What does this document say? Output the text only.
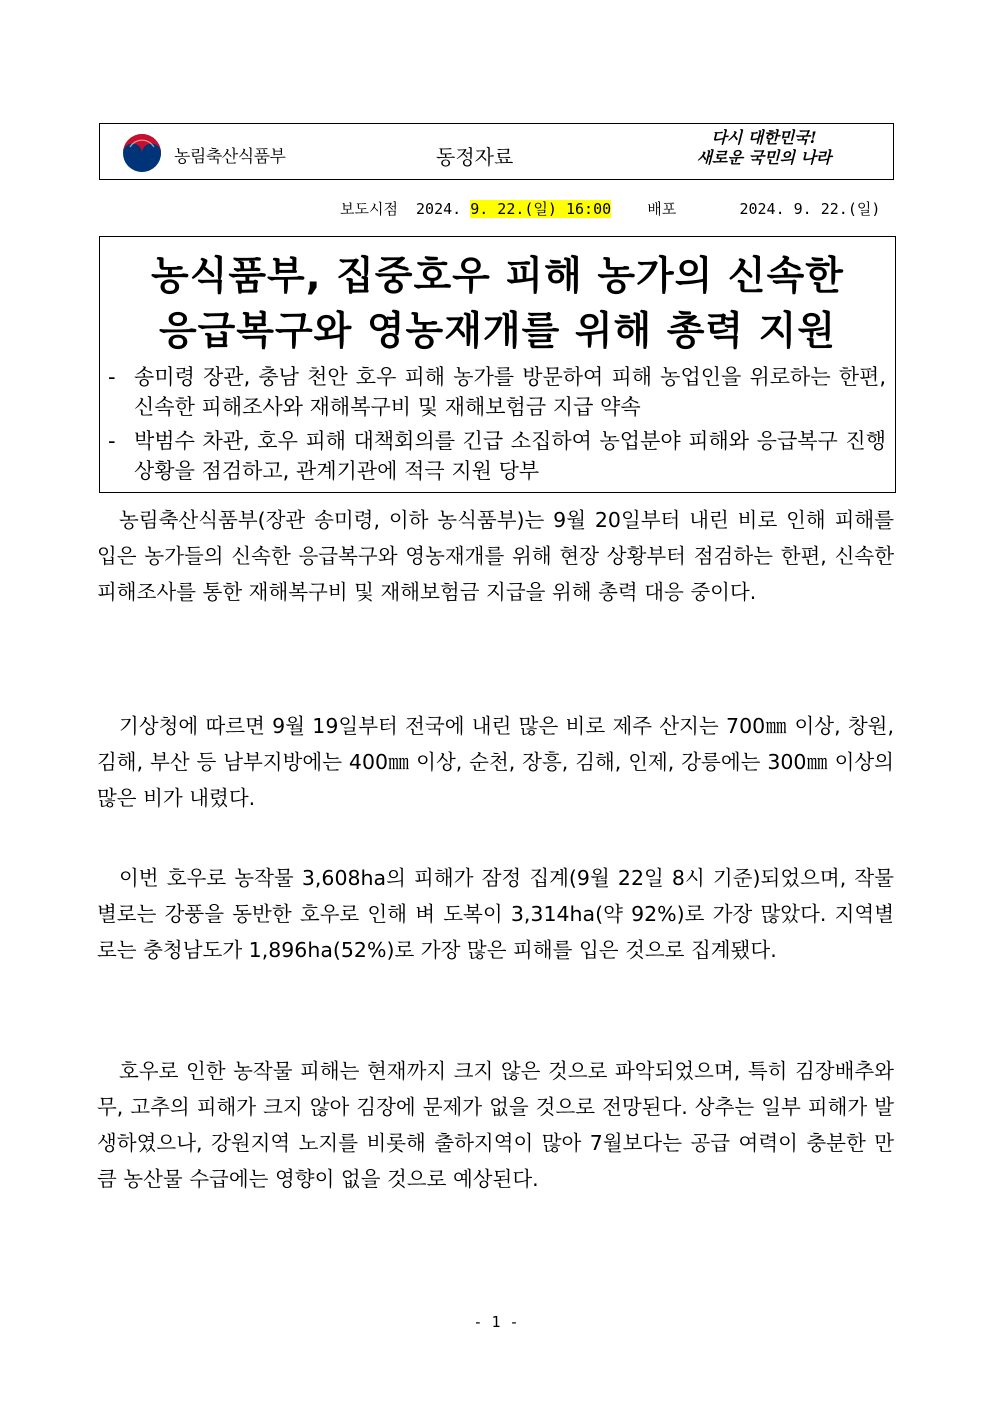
농림축산식품부	동정자료
다시 대한민국!
새로운 국민의 나라
보도시점 2024. 9. 22.(일) 16:00 배포	2024. 9. 22.(일)
농식품부, 집중호우 피해 농가의 신속한
응급복구와 영농재개를 위해 총력 지원
- 송미령 장관, 충남 천안 호우 피해 농가를 방문하여 피해 농업인을 위로하는 한편, 신속한 피해조사와 재해복구비 및 재해보험금 지급 약속
- 박범수 차관, 호우 피해 대책회의를 긴급 소집하여 농업분야 피해와 응급복구 진행 상황을 점검하고, 관계기관에 적극 지원 당부

농림축산식품부(장관 송미령, 이하 농식품부)는 9월 20일부터 내린 비로 인해 피해를 입은 농가들의 신속한 응급복구와 영농재개를 위해 현장 상황부터 점검하는 한편, 신속한 피해조사를 통한 재해복구비 및 재해보험금 지급을 위해 총력 대응 중이다.

기상청에 따르면 9월 19일부터 전국에 내린 많은 비로 제주 산지는 700㎜ 이상, 창원, 김해, 부산 등 남부지방에는 400㎜ 이상, 순천, 장흥, 김해, 인제, 강릉에는 300㎜ 이상의 많은 비가 내렸다.

이번 호우로 농작물 3,608ha의 피해가 잠정 집계(9월 22일 8시 기준)되었으며, 작물별로는 강풍을 동반한 호우로 인해 벼 도복이 3,314ha(약 92%)로 가장 많았다. 지역별로는 충청남도가 1,896ha(52%)로 가장 많은 피해를 입은 것으로 집계됐다.

호우로 인한 농작물 피해는 현재까지 크지 않은 것으로 파악되었으며, 특히 김장배추와 무, 고추의 피해가 크지 않아 김장에 문제가 없을 것으로 전망된다. 상추는 일부 피해가 발생하였으나, 강원지역 노지를 비롯해 출하지역이 많아 7월보다는 공급 여력이 충분한 만큼 농산물 수급에는 영향이 없을 것으로 예상된다.

- 1 -
